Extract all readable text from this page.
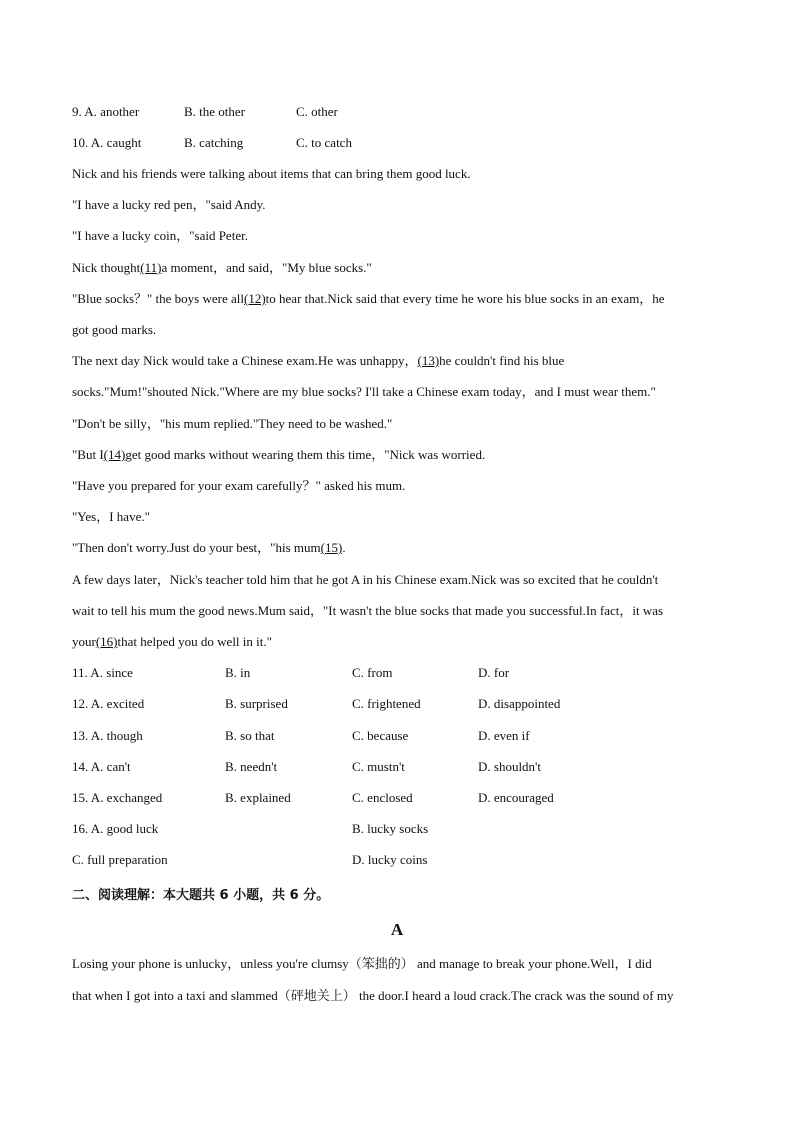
9. A. another	B. the other	C. other
10. A. caught	B. catching	C. to catch
Nick and his friends were talking about items that can bring them good luck.
"I have a lucky red pen，"said Andy.
"I have a lucky coin，"said Peter.
Nick thought(11)a moment，and said，"My blue socks."
"Blue socks？" the boys were all(12)to hear that.Nick said that every time he wore his blue socks in an exam，he
got good marks.
The next day Nick would take a Chinese exam.He was unhappy，(13)he couldn't find his blue
socks."Mum!"shouted Nick."Where are my blue socks? I'll take a Chinese exam today，and I must wear them."
"Don't be silly，"his mum replied."They need to be washed."
"But I(14)get good marks without wearing them this time，"Nick was worried.
"Have you prepared for your exam carefully？" asked his mum.
"Yes，I have."
"Then don't worry.Just do your best，"his mum(15).
A few days later，Nick's teacher told him that he got A in his Chinese exam.Nick was so excited that he couldn't
wait to tell his mum the good news.Mum said，"It wasn't the blue socks that made you successful.In fact，it was
your(16)that helped you do well in it."
11. A. since	B. in	C. from	D. for
12. A. excited	B. surprised	C. frightened	D. disappointed
13. A. though	B. so that	C. because	D. even if
14. A. can't	B. needn't	C. mustn't	D. shouldn't
15. A. exchanged	B. explained	C. enclosed	D. encouraged
16. A. good luck	B. lucky socks
C. full preparation	D. lucky coins
二、阅读理解：本大题共 6 小题，共 6 分。
A
Losing your phone is unlucky，unless you're clumsy（笨拙的） and manage to break your phone.Well，I did
that when I got into a taxi and slammed（砰地关上） the door.I heard a loud crack.The crack was the sound of my
